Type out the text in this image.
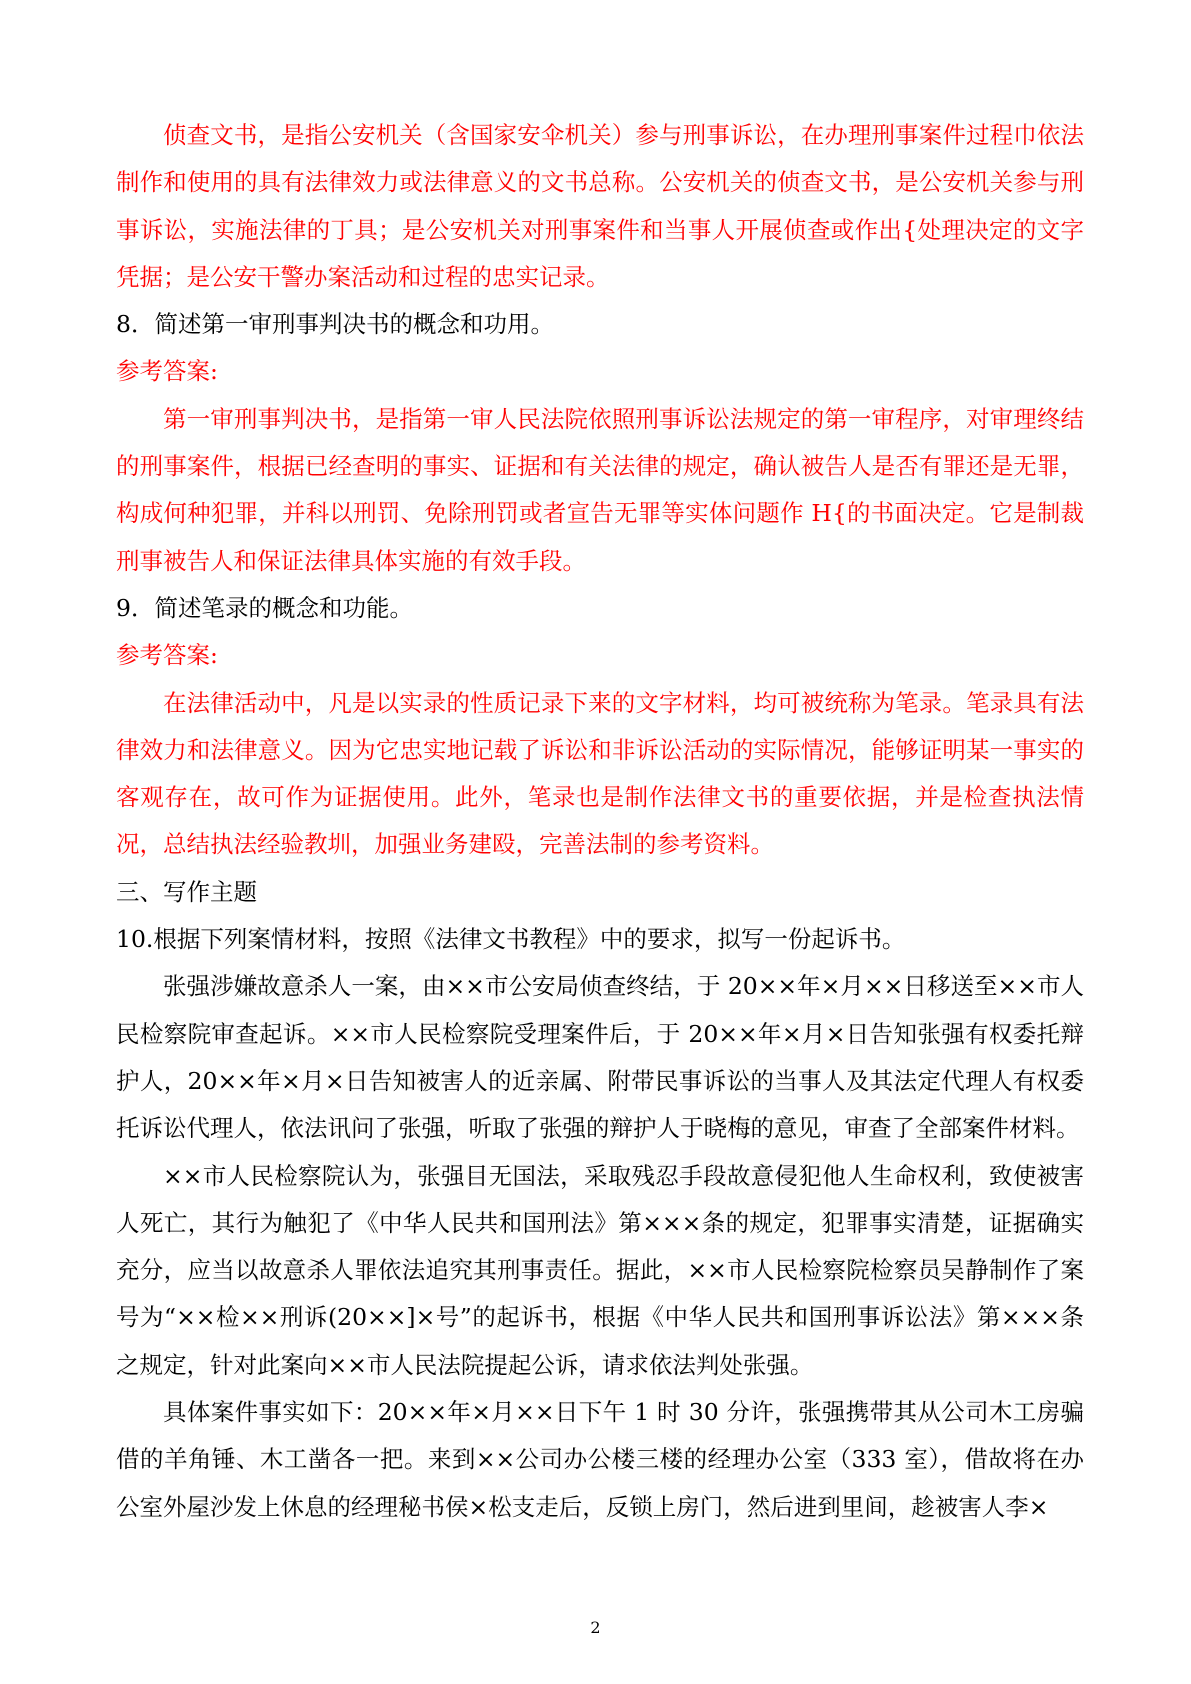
侦查文书，是指公安机关（含国家安伞机关）参与刑事诉讼，在办理刑事案件过程巾依法制作和使用的具有法律效力或法律意义的文书总称。公安机关的侦查文书，是公安机关参与刑事诉讼，实施法律的丁具；是公安机关对刑事案件和当事人开展侦查或作出{处理决定的文字凭据；是公安干警办案活动和过程的忠实记录。

8．简述第一审刑事判决书的概念和功用。

参考答案:

第一审刑事判决书，是指第一审人民法院依照刑事诉讼法规定的第一审程序，对审理终结的刑事案件，根据已经查明的事实、证据和有关法律的规定，确认被告人是否有罪还是无罪，构成何种犯罪，并科以刑罚、免除刑罚或者宣告无罪等实体问题作 H{的书面决定。它是制裁刑事被告人和保证法律具体实施的有效手段。

9．简述笔录的概念和功能。

参考答案:

在法律活动中，凡是以实录的性质记录下来的文字材料，均可被统称为笔录。笔录具有法律效力和法律意义。因为它忠实地记载了诉讼和非诉讼活动的实际情况，能够证明某一事实的客观存在，故可作为证据使用。此外，笔录也是制作法律文书的重要依据，并是检查执法情况，总结执法经验教圳，加强业务建殴，完善法制的参考资料。

三、写作主题

10.根据下列案情材料，按照《法律文书教程》中的要求，拟写一份起诉书。

张强涉嫌故意杀人一案，由××市公安局侦查终结，于 20××年×月××日移送至××市人民检察院审查起诉。××市人民检察院受理案件后，于 20××年×月×日告知张强有权委托辩护人，20××年×月×日告知被害人的近亲属、附带民事诉讼的当事人及其法定代理人有权委托诉讼代理人，依法讯问了张强，听取了张强的辩护人于晓梅的意见，审查了全部案件材料。

××市人民检察院认为，张强目无国法，采取残忍手段故意侵犯他人生命权利，致使被害人死亡，其行为触犯了《中华人民共和国刑法》第×××条的规定，犯罪事实清楚，证据确实充分，应当以故意杀人罪依法追究其刑事责任。据此，××市人民检察院检察员吴静制作了案号为“××检××刑诉(20××]×号”的起诉书，根据《中华人民共和国刑事诉讼法》第×××条之规定，针对此案向××市人民法院提起公诉，请求依法判处张强。

具体案件事实如下：20××年×月××日下午 1 时 30 分许，张强携带其从公司木工房骗借的羊角锤、木工凿各一把。来到××公司办公楼三楼的经理办公室（333 室），借故将在办公室外屋沙发上休息的经理秘书侯×松支走后，反锁上房门，然后进到里间，趁被害人李×

2
